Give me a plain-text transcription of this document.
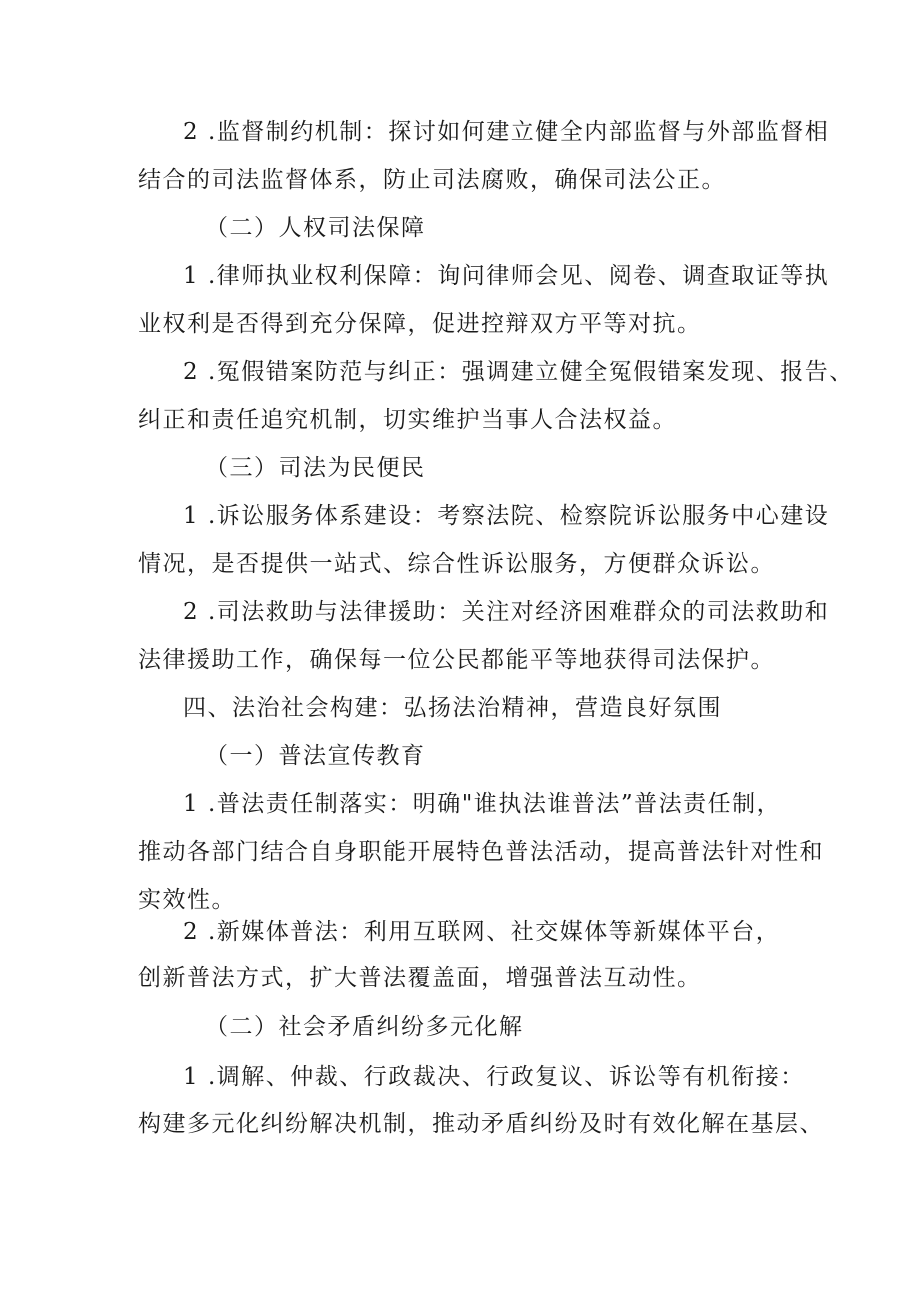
2 .监督制约机制：探讨如何建立健全内部监督与外部监督相
结合的司法监督体系，防止司法腐败，确保司法公正。
（二）人权司法保障
1 .律师执业权利保障：询问律师会见、阅卷、调查取证等执
业权利是否得到充分保障，促进控辩双方平等对抗。
2 .冤假错案防范与纠正：强调建立健全冤假错案发现、报告、
纠正和责任追究机制，切实维护当事人合法权益。
（三）司法为民便民
1 .诉讼服务体系建设：考察法院、检察院诉讼服务中心建设
情况，是否提供一站式、综合性诉讼服务，方便群众诉讼。
2 .司法救助与法律援助：关注对经济困难群众的司法救助和
法律援助工作，确保每一位公民都能平等地获得司法保护。
四、法治社会构建：弘扬法治精神，营造良好氛围
（一）普法宣传教育
1 .普法责任制落实：明确"谁执法谁普法”普法责任制，
推动各部门结合自身职能开展特色普法活动，提高普法针对性和
实效性。
2 .新媒体普法：利用互联网、社交媒体等新媒体平台，
创新普法方式，扩大普法覆盖面，增强普法互动性。
（二）社会矛盾纠纷多元化解
1 .调解、仲裁、行政裁决、行政复议、诉讼等有机衔接：
构建多元化纠纷解决机制，推动矛盾纠纷及时有效化解在基层、
